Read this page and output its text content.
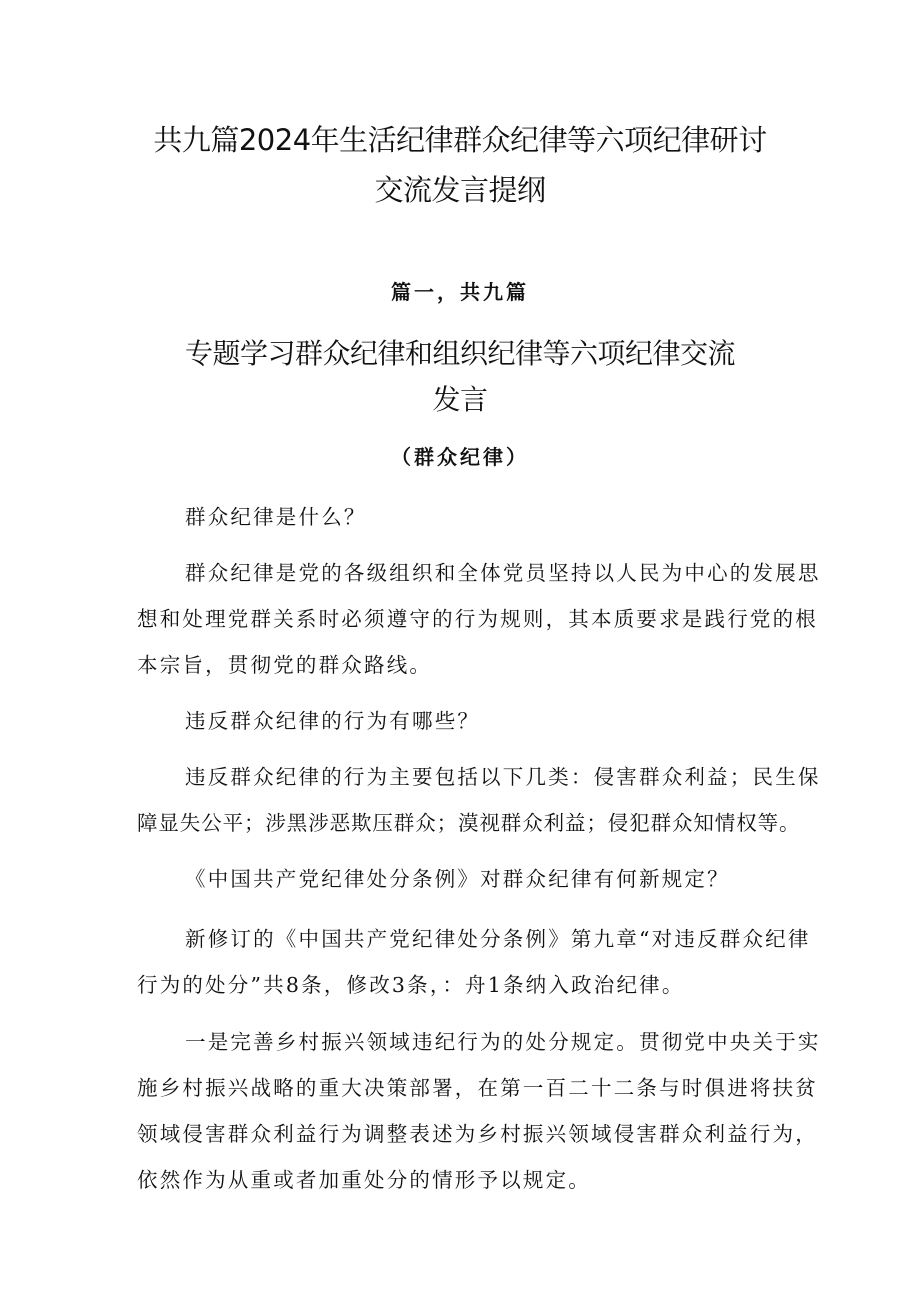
共九篇2024年生活纪律群众纪律等六项纪律研讨
交流发言提纲
篇一，共九篇
专题学习群众纪律和组织纪律等六项纪律交流
发言
（群众纪律）
群众纪律是什么？
群众纪律是党的各级组织和全体党员坚持以人民为中心的发展思
想和处理党群关系时必须遵守的行为规则，其本质要求是践行党的根
本宗旨，贯彻党的群众路线。
违反群众纪律的行为有哪些？
违反群众纪律的行为主要包括以下几类：侵害群众利益；民生保
障显失公平；涉黑涉恶欺压群众；漠视群众利益；侵犯群众知情权等。
《中国共产党纪律处分条例》对群众纪律有何新规定？
新修订的《中国共产党纪律处分条例》第九章“对违反群众纪律
行为的处分”共8条，修改3条，：舟1条纳入政治纪律。
一是完善乡村振兴领域违纪行为的处分规定。贯彻党中央关于实
施乡村振兴战略的重大决策部署，在第一百二十二条与时俱进将扶贫
领域侵害群众利益行为调整表述为乡村振兴领域侵害群众利益行为，
依然作为从重或者加重处分的情形予以规定。
